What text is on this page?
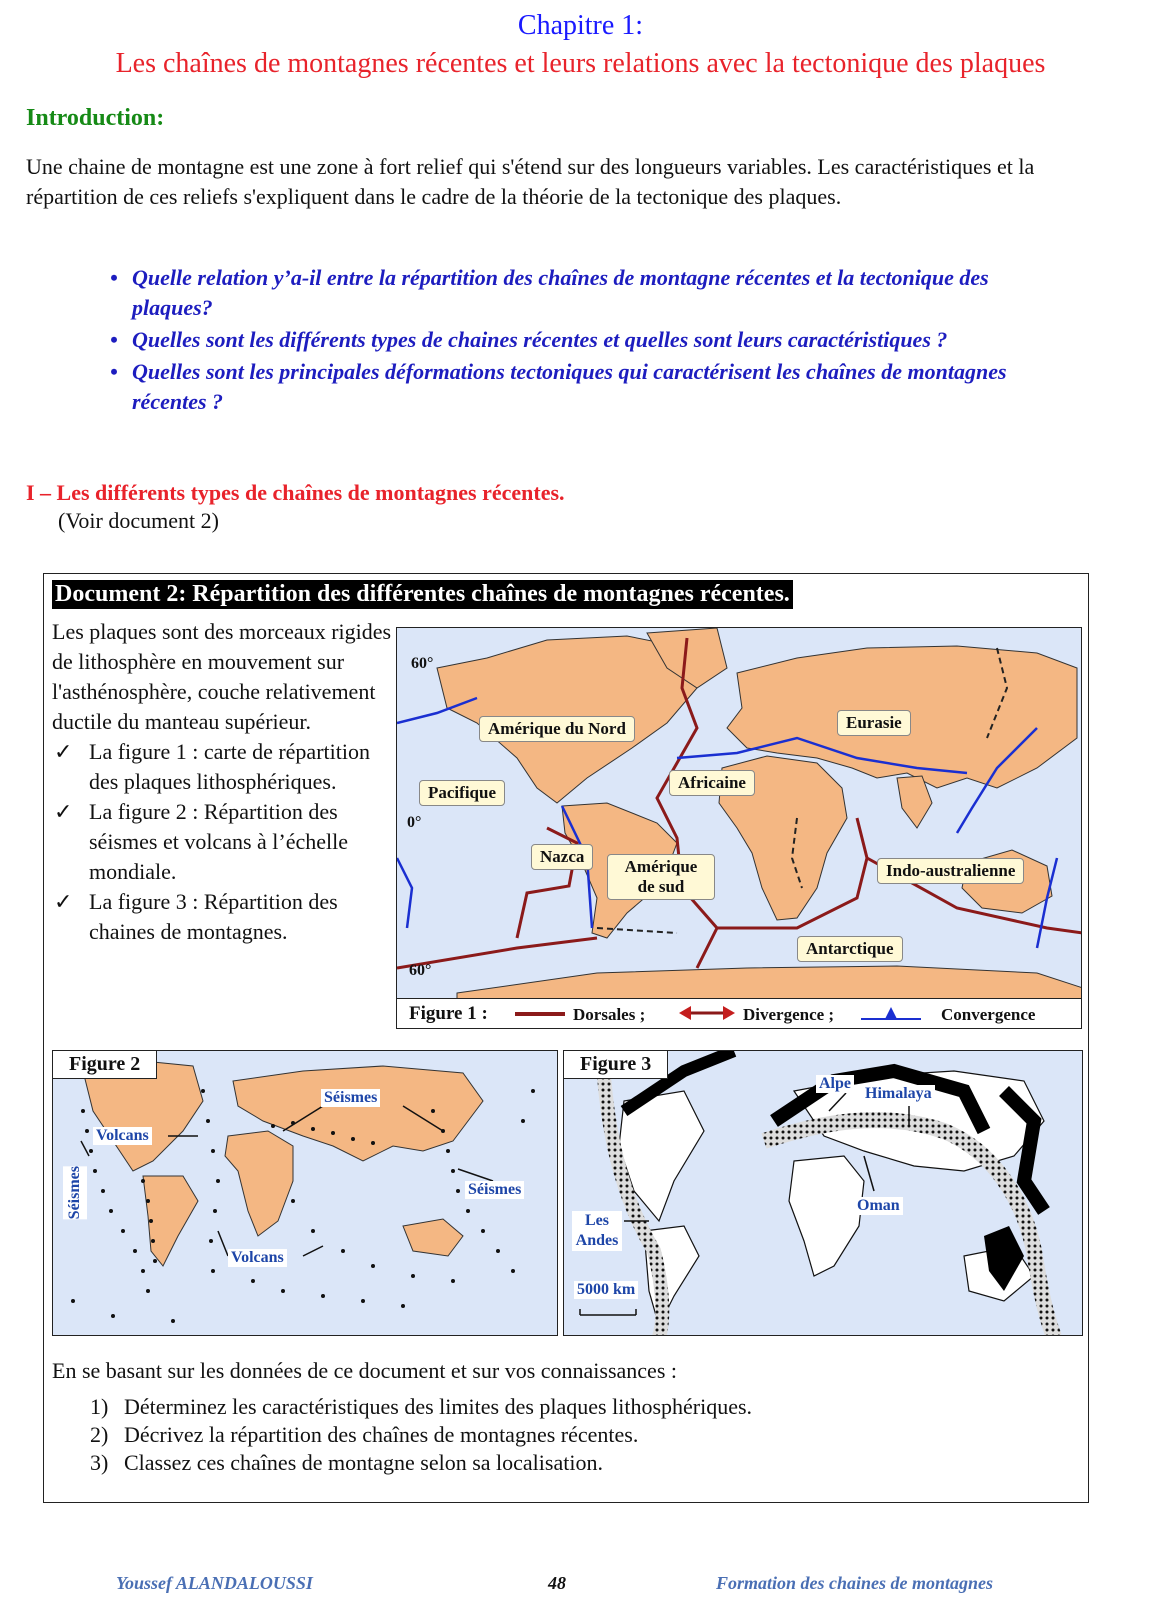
Chapitre 1:
Les chaînes de montagnes récentes et leurs relations avec la tectonique des plaques
Introduction:
Une chaine de montagne est une zone à fort relief qui s'étend sur des longueurs variables. Les caractéristiques et la répartition de ces reliefs s'expliquent dans le cadre de la théorie de la tectonique des plaques.
• Quelle relation y’a-il entre la répartition des chaînes de montagne récentes et la tectonique des plaques?
• Quelles sont les différents types de chaines récentes et quelles sont leurs caractéristiques ?
• Quelles sont les principales déformations tectoniques qui caractérisent les chaînes de montagnes récentes ?
I – Les différents types de chaînes de montagnes récentes.
(Voir document 2)
Document 2: Répartition des différentes chaînes de montagnes récentes.

Les plaques sont des morceaux rigides de lithosphère en mouvement sur l'asthénosphère, couche relativement ductile du manteau supérieur.

✓ La figure 1 : carte de répartition des plaques lithosphériques.
✓ La figure 2 : Répartition des séismes et volcans à l’échelle mondiale.
✓ La figure 3 : Répartition des chaines de montagnes.
60°
0°
60°
Amérique du Nord	Eurasie
Pacifique
Africaine
Nazca
Amérique de sud
Indo-australienne
Antarctique
Figure 1 :	Dorsales ;	Divergence ;	Convergence
Figure 2
Séismes
Volcans
Séismes	Séismes
Volcans
Figure 3
Alpe
Himalaya
Oman
Les Andes
5000 km
En se basant sur les données de ce document et sur vos connaissances :
1) Déterminez les caractéristiques des limites des plaques lithosphériques.
2) Décrivez la répartition des chaînes de montagnes récentes.
3) Classez ces chaînes de montagne selon sa localisation.
Youssef ALANDALOUSSI	48	Formation des chaines de montagnes
